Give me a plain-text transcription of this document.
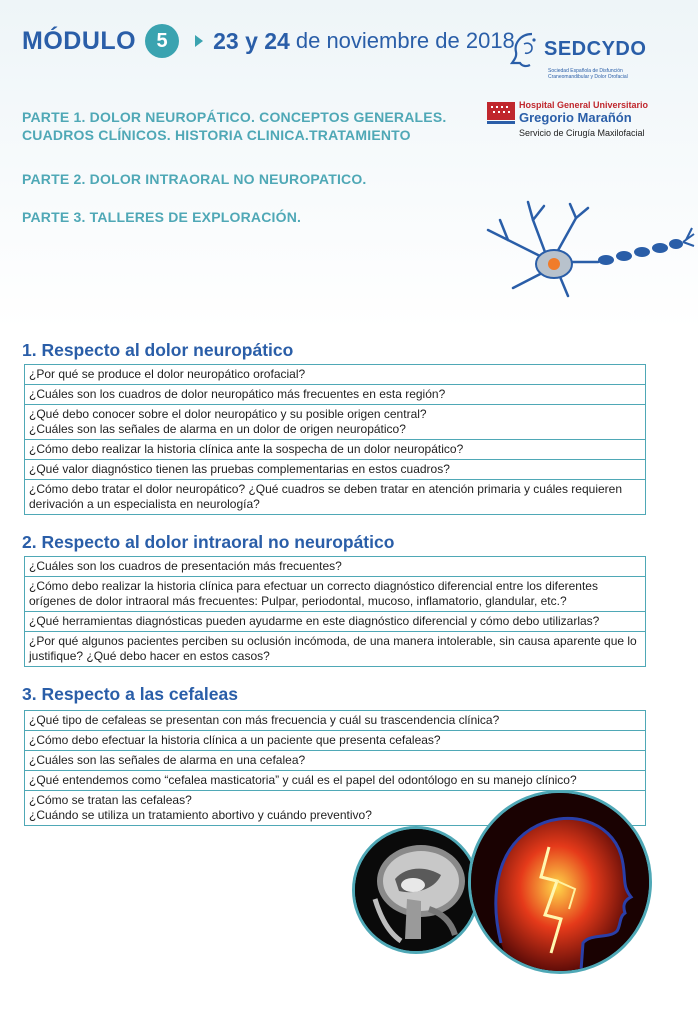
MÓDULO	5	23 y 24 de noviembre de 2018 SEDCYDO
Sociedad Española de Disfunción Craneomandibular y Dolor Orofacial
Hospital General Universitario
Gregorio Marañón
Servicio de Cirugía Maxilofacial
PARTE 1. DOLOR NEUROPÁTICO. CONCEPTOS GENERALES. CUADROS CLÍNICOS. HISTORIA CLINICA.TRATAMIENTO
PARTE 2. DOLOR INTRAORAL NO NEUROPATICO.
PARTE 3. TALLERES DE EXPLORACIÓN.
1. Respecto al dolor neuropático
¿Por qué se produce el dolor neuropático orofacial?
¿Cuáles son los cuadros de dolor neuropático más frecuentes en esta región?
¿Qué debo conocer sobre el dolor neuropático y su posible origen central?
¿Cuáles son las señales de alarma en un dolor de origen neuropático?
¿Cómo debo realizar la historia clínica ante la sospecha de un dolor neuropático?
¿Qué valor diagnóstico tienen las pruebas complementarias en estos cuadros?
¿Cómo debo tratar el dolor neuropático? ¿Qué cuadros se deben tratar en atención primaria y cuáles requieren derivación a un especialista en neurología?
2. Respecto al dolor intraoral no neuropático
¿Cuáles son los cuadros de presentación más frecuentes?
¿Cómo debo realizar la historia clínica para efectuar un correcto diagnóstico diferencial entre los diferentes orígenes de dolor intraoral más frecuentes: Pulpar, periodontal, mucoso, inflamatorio, glandular, etc.?
¿Qué herramientas diagnósticas pueden ayudarme en este diagnóstico diferencial y cómo debo utilizarlas?
¿Por qué algunos pacientes perciben su oclusión incómoda, de una manera intolerable, sin causa aparente que lo justifique? ¿Qué debo hacer en estos casos?
3. Respecto a las cefaleas
¿Qué tipo de cefaleas se presentan con más frecuencia y cuál su trascendencia clínica?
¿Cómo debo efectuar la historia clínica a un paciente que presenta cefaleas?
¿Cuáles son las señales de alarma en una cefalea?
¿Qué entendemos como “cefalea masticatoria” y cuál es el papel del odontólogo en su manejo clínico?
¿Cómo se tratan las cefaleas?
¿Cuándo se utiliza un tratamiento abortivo y cuándo preventivo?
